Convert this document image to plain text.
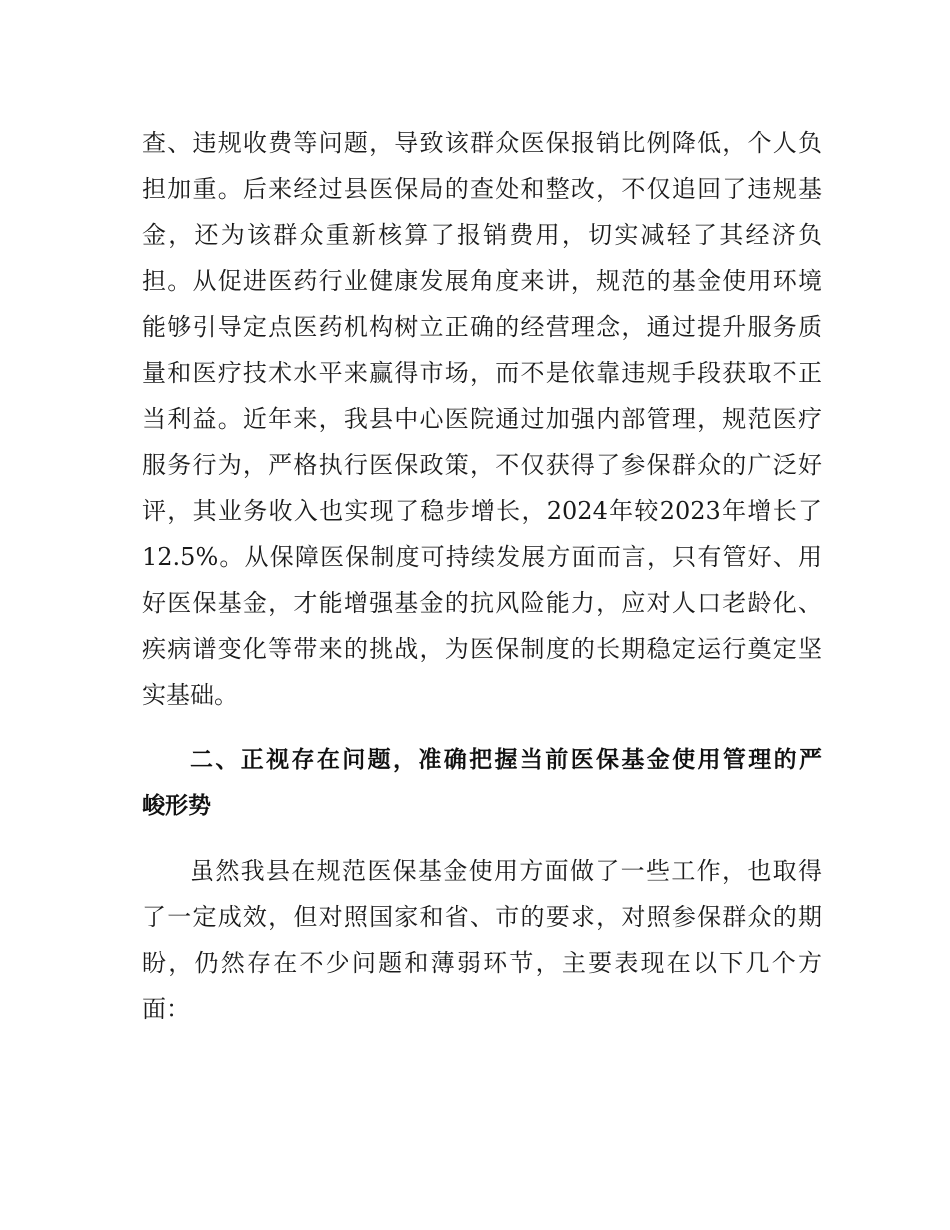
查、违规收费等问题，导致该群众医保报销比例降低，个人负
担加重。后来经过县医保局的查处和整改，不仅追回了违规基
金，还为该群众重新核算了报销费用，切实减轻了其经济负
担。从促进医药行业健康发展角度来讲，规范的基金使用环境
能够引导定点医药机构树立正确的经营理念，通过提升服务质
量和医疗技术水平来赢得市场，而不是依靠违规手段获取不正
当利益。近年来，我县中心医院通过加强内部管理，规范医疗
服务行为，严格执行医保政策，不仅获得了参保群众的广泛好
评，其业务收入也实现了稳步增长，2024年较2023年增长了
12.5%。从保障医保制度可持续发展方面而言，只有管好、用
好医保基金，才能增强基金的抗风险能力，应对人口老龄化、
疾病谱变化等带来的挑战，为医保制度的长期稳定运行奠定坚
实基础。
二、正视存在问题，准确把握当前医保基金使用管理的严
峻形势
虽然我县在规范医保基金使用方面做了一些工作，也取得
了一定成效，但对照国家和省、市的要求，对照参保群众的期
盼，仍然存在不少问题和薄弱环节，主要表现在以下几个方
面：
